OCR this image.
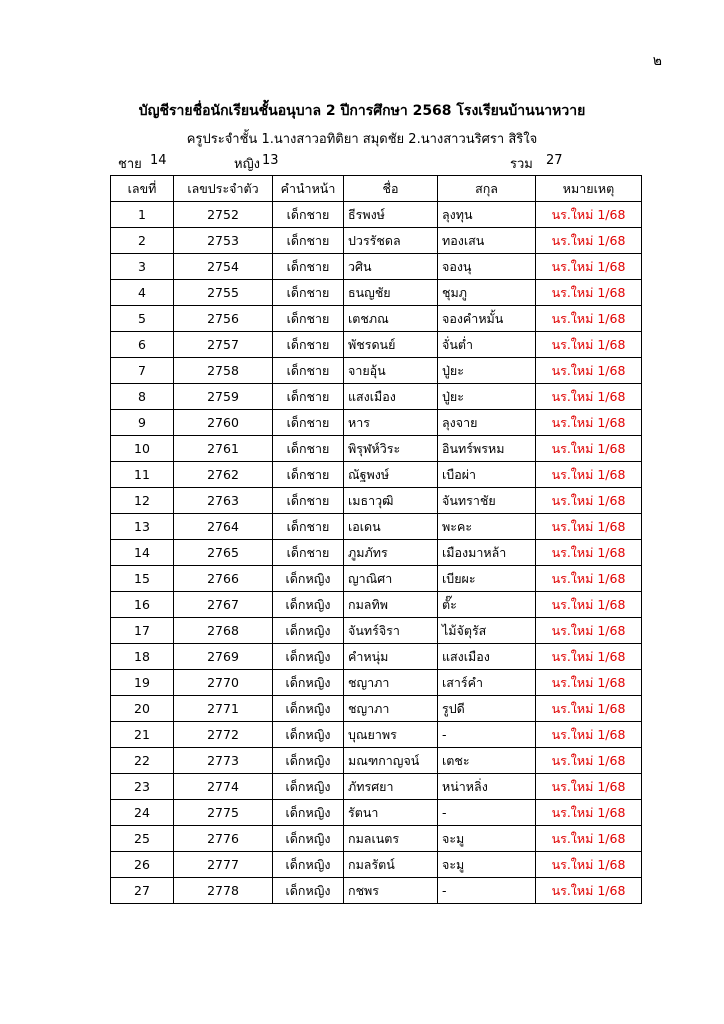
๒
บัญชีรายชื่อนักเรียนชั้นอนุบาล 2 ปีการศึกษา 2568 โรงเรียนบ้านนาหวาย
ครูประจำชั้น 1.นางสาวอทิติยา สมุดชัย 2.นางสาวนริศรา สิริใจ
ชาย 14	หญิง 13	รวม 27
เลขที่	เลขประจำตัว	คำนำหน้า	ชื่อ	สกุล	หมายเหตุ
1	2752	เด็กชาย	ธีรพงษ์	ลุงทุน	นร.ใหม่ 1/68
2	2753	เด็กชาย	ปวรรัชดล	ทองเสน	นร.ใหม่ 1/68
3	2754	เด็กชาย	วศิน	จองนุ	นร.ใหม่ 1/68
4	2755	เด็กชาย	ธนญชัย	ชุมภู	นร.ใหม่ 1/68
5	2756	เด็กชาย	เตชภณ	จองคำหมั้น	นร.ใหม่ 1/68
6	2757	เด็กชาย	พัชรดนย์	จั่นต่ำ	นร.ใหม่ 1/68
7	2758	เด็กชาย	จายอุ้น	ปู่ยะ	นร.ใหม่ 1/68
8	2759	เด็กชาย	แสงเมือง	ปู่ยะ	นร.ใหม่ 1/68
9	2760	เด็กชาย	หาร	ลุงจาย	นร.ใหม่ 1/68
10	2761	เด็กชาย	พิรุฬห์วิระ	อินทร์พรหม	นร.ใหม่ 1/68
11	2762	เด็กชาย	ณัฐพงษ์	เบือผ่า	นร.ใหม่ 1/68
12	2763	เด็กชาย	เมธาวุฒิ	จันทราชัย	นร.ใหม่ 1/68
13	2764	เด็กชาย	เอเดน	พะคะ	นร.ใหม่ 1/68
14	2765	เด็กชาย	ภูมภัทร	เมืองมาหล้า	นร.ใหม่ 1/68
15	2766	เด็กหญิง	ญาณิศา	เบียผะ	นร.ใหม่ 1/68
16	2767	เด็กหญิง	กมลทิพ	ตั๊ะ	นร.ใหม่ 1/68
17	2768	เด็กหญิง	จันทร์จิรา	ไม้จัตุรัส	นร.ใหม่ 1/68
18	2769	เด็กหญิง	คำหนุ่ม	แสงเมือง	นร.ใหม่ 1/68
19	2770	เด็กหญิง	ชญาภา	เสาร์คำ	นร.ใหม่ 1/68
20	2771	เด็กหญิง	ชญาภา	รูปดี	นร.ใหม่ 1/68
21	2772	เด็กหญิง	บุณยาพร	-	นร.ใหม่ 1/68
22	2773	เด็กหญิง	มณฑกาญจน์	เตชะ	นร.ใหม่ 1/68
23	2774	เด็กหญิง	ภัทรศยา	หน่าหลิ่ง	นร.ใหม่ 1/68
24	2775	เด็กหญิง	รัตนา	-	นร.ใหม่ 1/68
25	2776	เด็กหญิง	กมลเนตร	จะมู	นร.ใหม่ 1/68
26	2777	เด็กหญิง	กมลรัตน์	จะมู	นร.ใหม่ 1/68
27	2778	เด็กหญิง	กชพร	-	นร.ใหม่ 1/68
